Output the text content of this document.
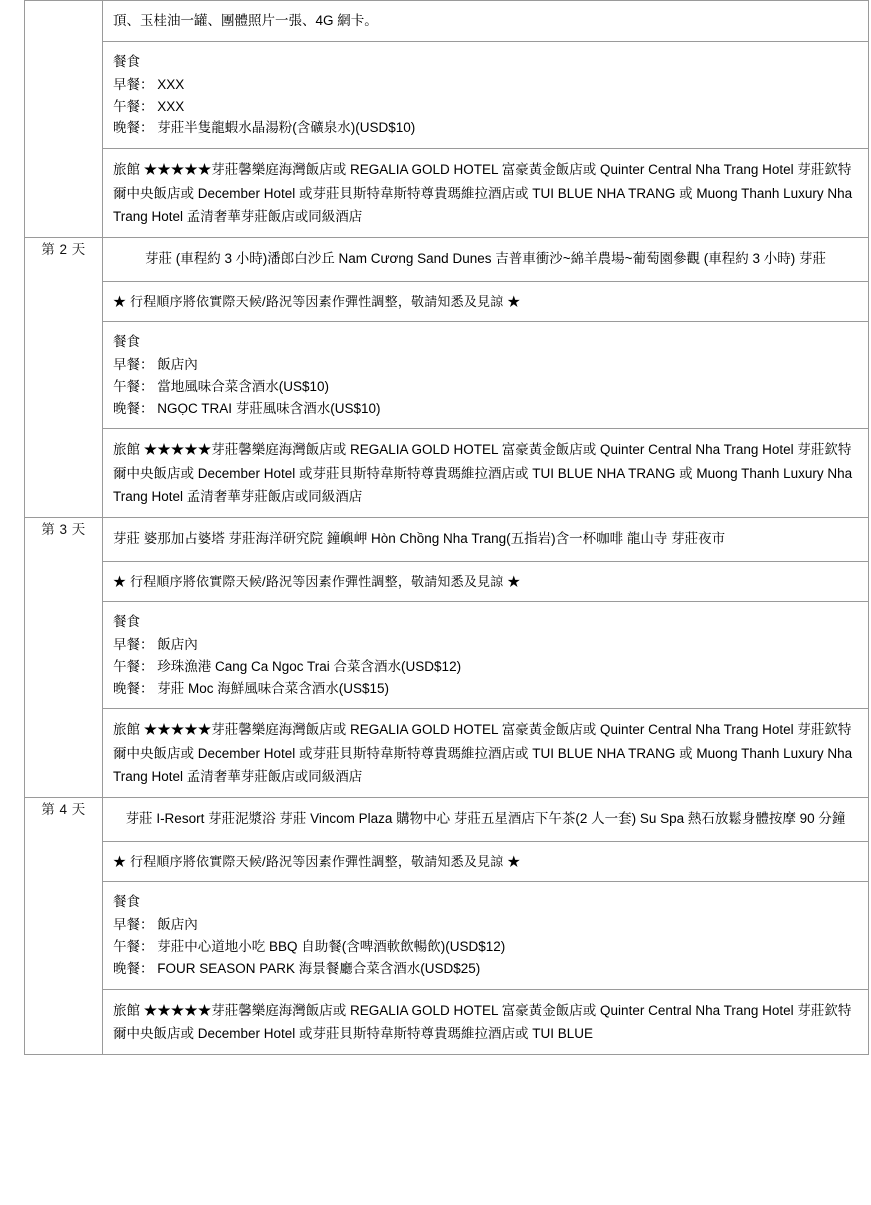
頂、玉桂油一罐、團體照片一張、4G 網卡。

餐食

早餐： XXX

午餐： XXX

晚餐： 芽莊半隻龍蝦水晶湯粉(含礦泉水)(USD$10)

旅館 ★★★★★芽莊馨樂庭海灣飯店或 REGALIA GOLD HOTEL 富豪黃金飯店或 Quinter Central Nha Trang Hotel 芽莊欽特爾中央飯店或 December Hotel 或芽莊貝斯特韋斯特尊貴瑪維拉酒店或 TUI BLUE NHA TRANG 或 Muong Thanh Luxury Nha Trang Hotel 孟清奢華芽莊飯店或同級酒店

第 2 天	
芽莊 (車程約 3 小時)潘郎白沙丘 Nam Cương Sand Dunes 吉普車衝沙~綿羊農場~葡萄園參觀 (車程約 3 小時) 芽莊
★ 行程順序將依實際天候/路況等因素作彈性調整，敬請知悉及見諒 ★

餐食

早餐： 飯店內

午餐： 當地風味合菜含酒水(US$10)

晚餐： NGỌC TRAI 芽莊風味含酒水(US$10)

旅館 ★★★★★芽莊馨樂庭海灣飯店或 REGALIA GOLD HOTEL 富豪黃金飯店或 Quinter Central Nha Trang Hotel 芽莊欽特爾中央飯店或 December Hotel 或芽莊貝斯特韋斯特尊貴瑪維拉酒店或 TUI BLUE NHA TRANG 或 Muong Thanh Luxury Nha Trang Hotel 孟清奢華芽莊飯店或同級酒店

第 3 天	
芽莊 婆那加占婆塔 芽莊海洋研究院 鐘嶼岬 Hòn Chồng Nha Trang(五指岩)含一杯咖啡 龍山寺 芽莊夜市
★ 行程順序將依實際天候/路況等因素作彈性調整，敬請知悉及見諒 ★

餐食

早餐： 飯店內

午餐： 珍珠漁港 Cang Ca Ngoc Trai 合菜含酒水(USD$12)

晚餐： 芽莊 Moc 海鮮風味合菜含酒水(US$15)

旅館 ★★★★★芽莊馨樂庭海灣飯店或 REGALIA GOLD HOTEL 富豪黃金飯店或 Quinter Central Nha Trang Hotel 芽莊欽特爾中央飯店或 December Hotel 或芽莊貝斯特韋斯特尊貴瑪維拉酒店或 TUI BLUE NHA TRANG 或 Muong Thanh Luxury Nha Trang Hotel 孟清奢華芽莊飯店或同級酒店

第 4 天	
芽莊 I-Resort 芽莊泥漿浴 芽莊 Vincom Plaza 購物中心 芽莊五星酒店下午茶(2 人一套) Su Spa 熱石放鬆身體按摩 90 分鐘
★ 行程順序將依實際天候/路況等因素作彈性調整，敬請知悉及見諒 ★

餐食

早餐： 飯店內

午餐： 芽莊中心道地小吃 BBQ 自助餐(含啤酒軟飲暢飲)(USD$12)

晚餐： FOUR SEASON PARK 海景餐廳合菜含酒水(USD$25)

旅館 ★★★★★芽莊馨樂庭海灣飯店或 REGALIA GOLD HOTEL 富豪黃金飯店或 Quinter Central Nha Trang Hotel 芽莊欽特爾中央飯店或 December Hotel 或芽莊貝斯特韋斯特尊貴瑪維拉酒店或 TUI BLUE
